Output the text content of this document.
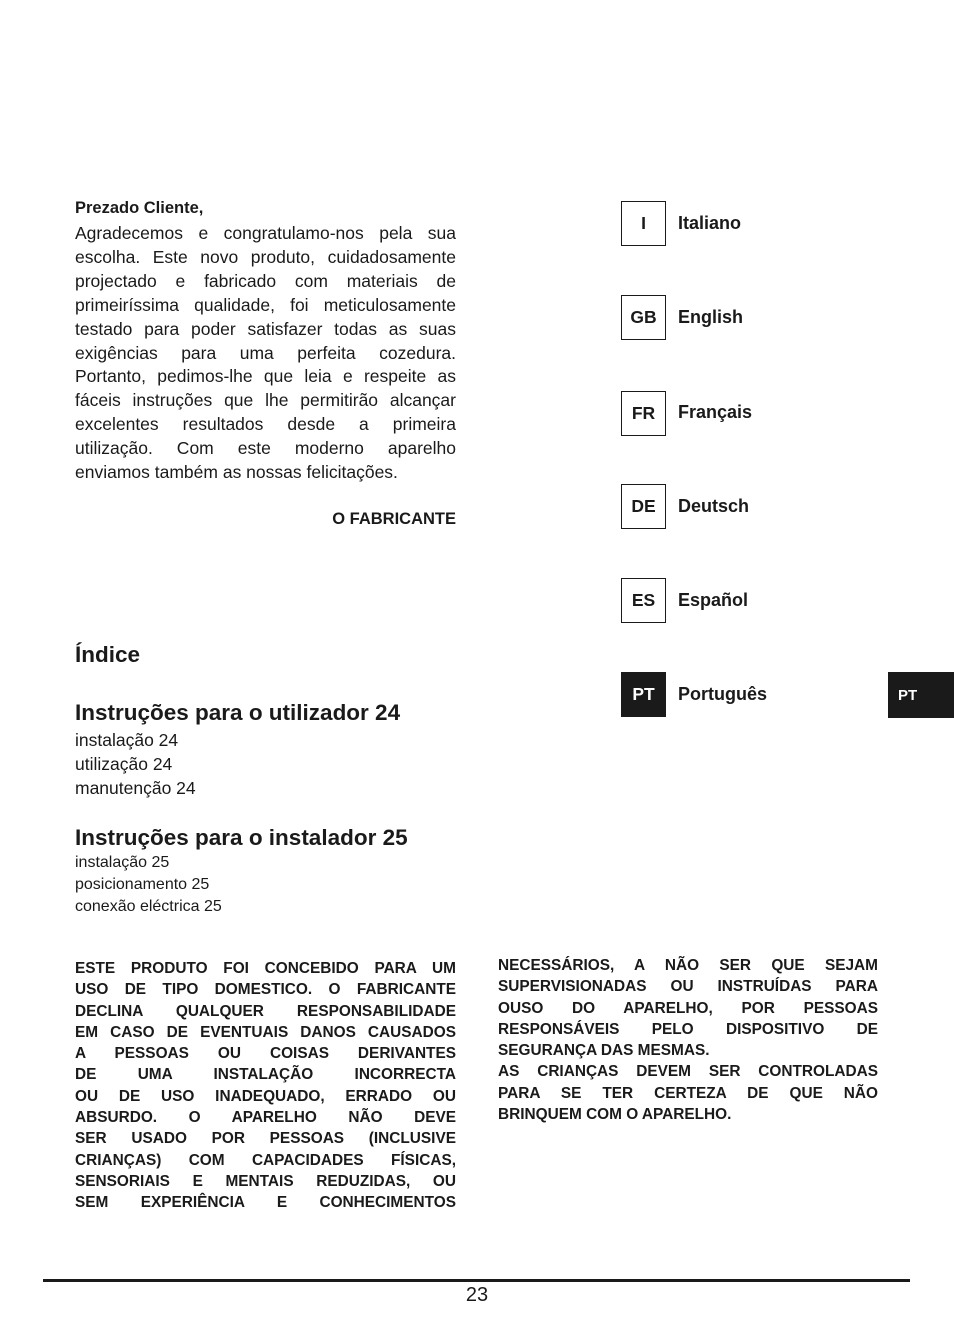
Prezado Cliente,
Agradecemos e congratulamo-nos pela sua escolha. Este novo produto, cuidadosamente projectado e fabricado com materiais de primeiríssima qualidade, foi meticulosamente testado para poder satisfazer todas as suas exigências para uma perfeita cozedura. Portanto, pedimos-lhe que leia e respeite as fáceis instruções que lhe permitirão alcançar excelentes resultados desde a primeira utilização. Com este moderno aparelho enviamos também as nossas felicitações.
O FABRICANTE
Índice
Instruções para o utilizador 24
instalação 24
utilização 24
manutenção 24
Instruções para o instalador 25
instalação 25
posicionamento 25
conexão eléctrica 25
ESTE PRODUTO FOI CONCEBIDO PARA UM
USO DE TIPO DOMESTICO. O FABRICANTE
DECLINA QUALQUER RESPONSABILIDADE
EM CASO DE EVENTUAIS DANOS CAUSADOS
A PESSOAS OU COISAS DERIVANTES
DE UMA INSTALAÇÃO INCORRECTA
OU DE USO INADEQUADO, ERRADO OU
ABSURDO. O APARELHO NÃO DEVE
SER USADO POR PESSOAS (INCLUSIVE
CRIANÇAS) COM CAPACIDADES FÍSICAS,
SENSORIAIS E MENTAIS REDUZIDAS, OU
SEM EXPERIÊNCIA E CONHECIMENTOS
NECESSÁRIOS, A NÃO SER QUE SEJAM
SUPERVISIONADAS OU INSTRUÍDAS PARA
OUSO DO APARELHO, POR PESSOAS
RESPONSÁVEIS PELO DISPOSITIVO DE
SEGURANÇA DAS MESMAS.
AS CRIANÇAS DEVEM SER CONTROLADAS
PARA SE TER CERTEZA DE QUE NÃO
BRINQUEM COM O APARELHO.
I	Italiano
GB	English
FR	Français
DE	Deutsch
ES	Español
PT	Português	PT
23
